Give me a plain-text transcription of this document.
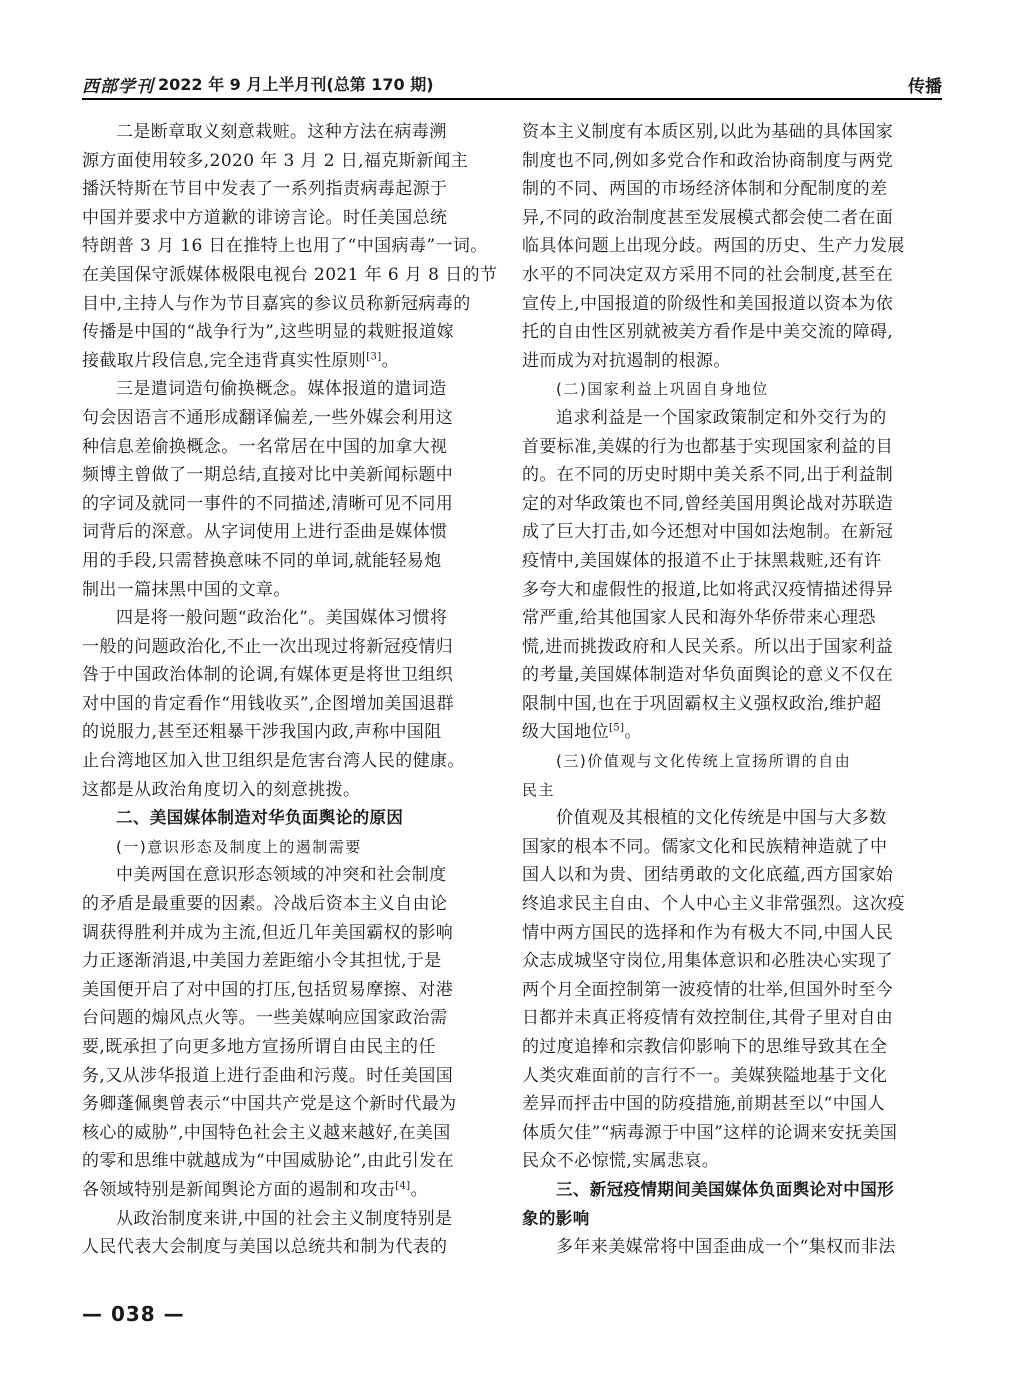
西部学刊 2022 年 9 月上半月刊(总第 170 期)	传播
二是断章取义刻意栽赃。这种方法在病毒溯
源方面使用较多,2020 年 3 月 2 日,福克斯新闻主
播沃特斯在节目中发表了一系列指责病毒起源于
中国并要求中方道歉的诽谤言论。时任美国总统
特朗普 3 月 16 日在推特上也用了“中国病毒”一词。
在美国保守派媒体极限电视台 2021 年 6 月 8 日的节
目中,主持人与作为节目嘉宾的参议员称新冠病毒的
传播是中国的“战争行为”,这些明显的栽赃报道嫁
接截取片段信息,完全违背真实性原则[3]。
三是遣词造句偷换概念。媒体报道的遣词造
句会因语言不通形成翻译偏差,一些外媒会利用这
种信息差偷换概念。一名常居在中国的加拿大视
频博主曾做了一期总结,直接对比中美新闻标题中
的字词及就同一事件的不同描述,清晰可见不同用
词背后的深意。从字词使用上进行歪曲是媒体惯
用的手段,只需替换意味不同的单词,就能轻易炮
制出一篇抹黑中国的文章。
四是将一般问题“政治化”。美国媒体习惯将
一般的问题政治化,不止一次出现过将新冠疫情归
咎于中国政治体制的论调,有媒体更是将世卫组织
对中国的肯定看作“用钱收买”,企图增加美国退群
的说服力,甚至还粗暴干涉我国内政,声称中国阻
止台湾地区加入世卫组织是危害台湾人民的健康。
这都是从政治角度切入的刻意挑拨。
二、美国媒体制造对华负面舆论的原因
(一)意识形态及制度上的遏制需要
中美两国在意识形态领域的冲突和社会制度
的矛盾是最重要的因素。冷战后资本主义自由论
调获得胜利并成为主流,但近几年美国霸权的影响
力正逐渐消退,中美国力差距缩小令其担忧,于是
美国便开启了对中国的打压,包括贸易摩擦、对港
台问题的煽风点火等。一些美媒响应国家政治需
要,既承担了向更多地方宣扬所谓自由民主的任
务,又从涉华报道上进行歪曲和污蔑。时任美国国
务卿蓬佩奥曾表示“中国共产党是这个新时代最为
核心的威胁”,中国特色社会主义越来越好,在美国
的零和思维中就越成为“中国威胁论”,由此引发在
各领域特别是新闻舆论方面的遏制和攻击[4]。
从政治制度来讲,中国的社会主义制度特别是
人民代表大会制度与美国以总统共和制为代表的
资本主义制度有本质区别,以此为基础的具体国家
制度也不同,例如多党合作和政治协商制度与两党
制的不同、两国的市场经济体制和分配制度的差
异,不同的政治制度甚至发展模式都会使二者在面
临具体问题上出现分歧。两国的历史、生产力发展
水平的不同决定双方采用不同的社会制度,甚至在
宣传上,中国报道的阶级性和美国报道以资本为依
托的自由性区别就被美方看作是中美交流的障碍,
进而成为对抗遏制的根源。
(二)国家利益上巩固自身地位
追求利益是一个国家政策制定和外交行为的
首要标准,美媒的行为也都基于实现国家利益的目
的。在不同的历史时期中美关系不同,出于利益制
定的对华政策也不同,曾经美国用舆论战对苏联造
成了巨大打击,如今还想对中国如法炮制。在新冠
疫情中,美国媒体的报道不止于抹黑栽赃,还有许
多夸大和虚假性的报道,比如将武汉疫情描述得异
常严重,给其他国家人民和海外华侨带来心理恐
慌,进而挑拨政府和人民关系。所以出于国家利益
的考量,美国媒体制造对华负面舆论的意义不仅在
限制中国,也在于巩固霸权主义强权政治,维护超
级大国地位[5]。
(三)价值观与文化传统上宣扬所谓的自由
民主
价值观及其根植的文化传统是中国与大多数
国家的根本不同。儒家文化和民族精神造就了中
国人以和为贵、团结勇敢的文化底蕴,西方国家始
终追求民主自由、个人中心主义非常强烈。这次疫
情中两方国民的选择和作为有极大不同,中国人民
众志成城坚守岗位,用集体意识和必胜决心实现了
两个月全面控制第一波疫情的壮举,但国外时至今
日都并未真正将疫情有效控制住,其骨子里对自由
的过度追捧和宗教信仰影响下的思维导致其在全
人类灾难面前的言行不一。美媒狭隘地基于文化
差异而抨击中国的防疫措施,前期甚至以“中国人
体质欠佳”“病毒源于中国”这样的论调来安抚美国
民众不必惊慌,实属悲哀。
三、新冠疫情期间美国媒体负面舆论对中国形
象的影响
多年来美媒常将中国歪曲成一个“集权而非法
— 038 —
